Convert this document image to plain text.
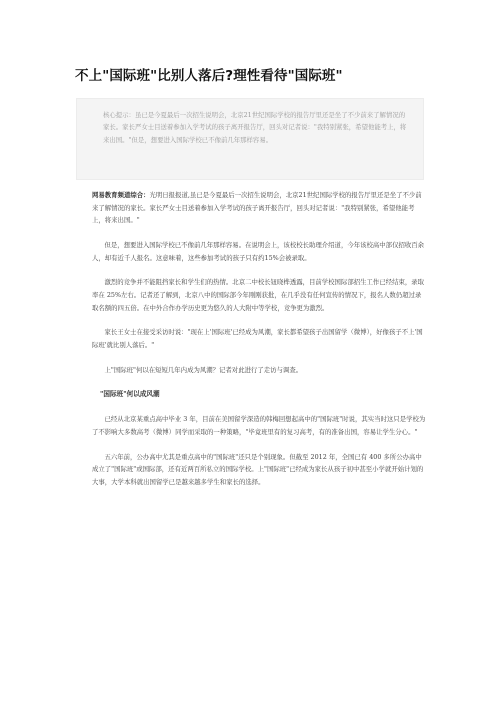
不上"国际班"比别人落后?理性看待"国际班"
核心提示：虽已是今夏最后一次招生说明会，北京21世纪国际学校的报告厅里还是坐了不少前来了解情况的家长。家长严女士目送着参加入学考试的孩子离开报告厅，回头对记者说："我特别紧张，希望他能考上，将来出国。"但是，想要进入国际学校已不像前几年那样容易。

网易教育频道综合：光明日报报道,虽已是今夏最后一次招生说明会，北京21世纪国际学校的报告厅里还是坐了不少前来了解情况的家长。家长严女士目送着参加入学考试的孩子离开报告厅，回头对记者说："我特别紧张，希望他能考上，将来出国。"

但是，想要进入国际学校已不像前几年那样容易。在说明会上，该校校长助理介绍道，今年该校高中部仅招收百余人，却有近千人报名。这意味着，这些参加考试的孩子只有约15%会被录取。

激烈的竞争并不能阻挡家长和学生们的热情。北京二中校长钮晓桦透露，目前学校国际部招生工作已经结束，录取率在 25%左右。记者还了解到，北京八中的国际部今年刚刚获批，在几乎没有任何宣传的情况下，报名人数仍超过录取名额的四五倍。在中外合作办学历史更为悠久的人大附中等学校，竞争更为激烈。

家长王女士在接受采访时说："现在上'国际班'已经成为风潮，家长都希望孩子出国留学（微博），好像孩子不上'国际班'就比别人落后。"

上"国际班"何以在短短几年内成为风潮？记者对此进行了走访与调查。

"国际班"何以成风潮

已经从北京某重点高中毕业 3 年，目前在美国留学深造的韩梅回想起高中的"国际班"时说，其实当时这只是学校为了不影响大多数高考（微博）同学而采取的一种策略，"毕竟班里有的复习高考，有的准备出国，容易让学生分心。"

五六年前，公办高中尤其是重点高中的"国际班"还只是个别现象。但截至 2012 年，全国已有 400 多所公办高中成立了"国际班"或国际部，还有近两百所私立的国际学校。上"国际班"已经成为家长从孩子初中甚至小学就开始计划的大事，大学本科就出国留学已是越来越多学生和家长的选择。
